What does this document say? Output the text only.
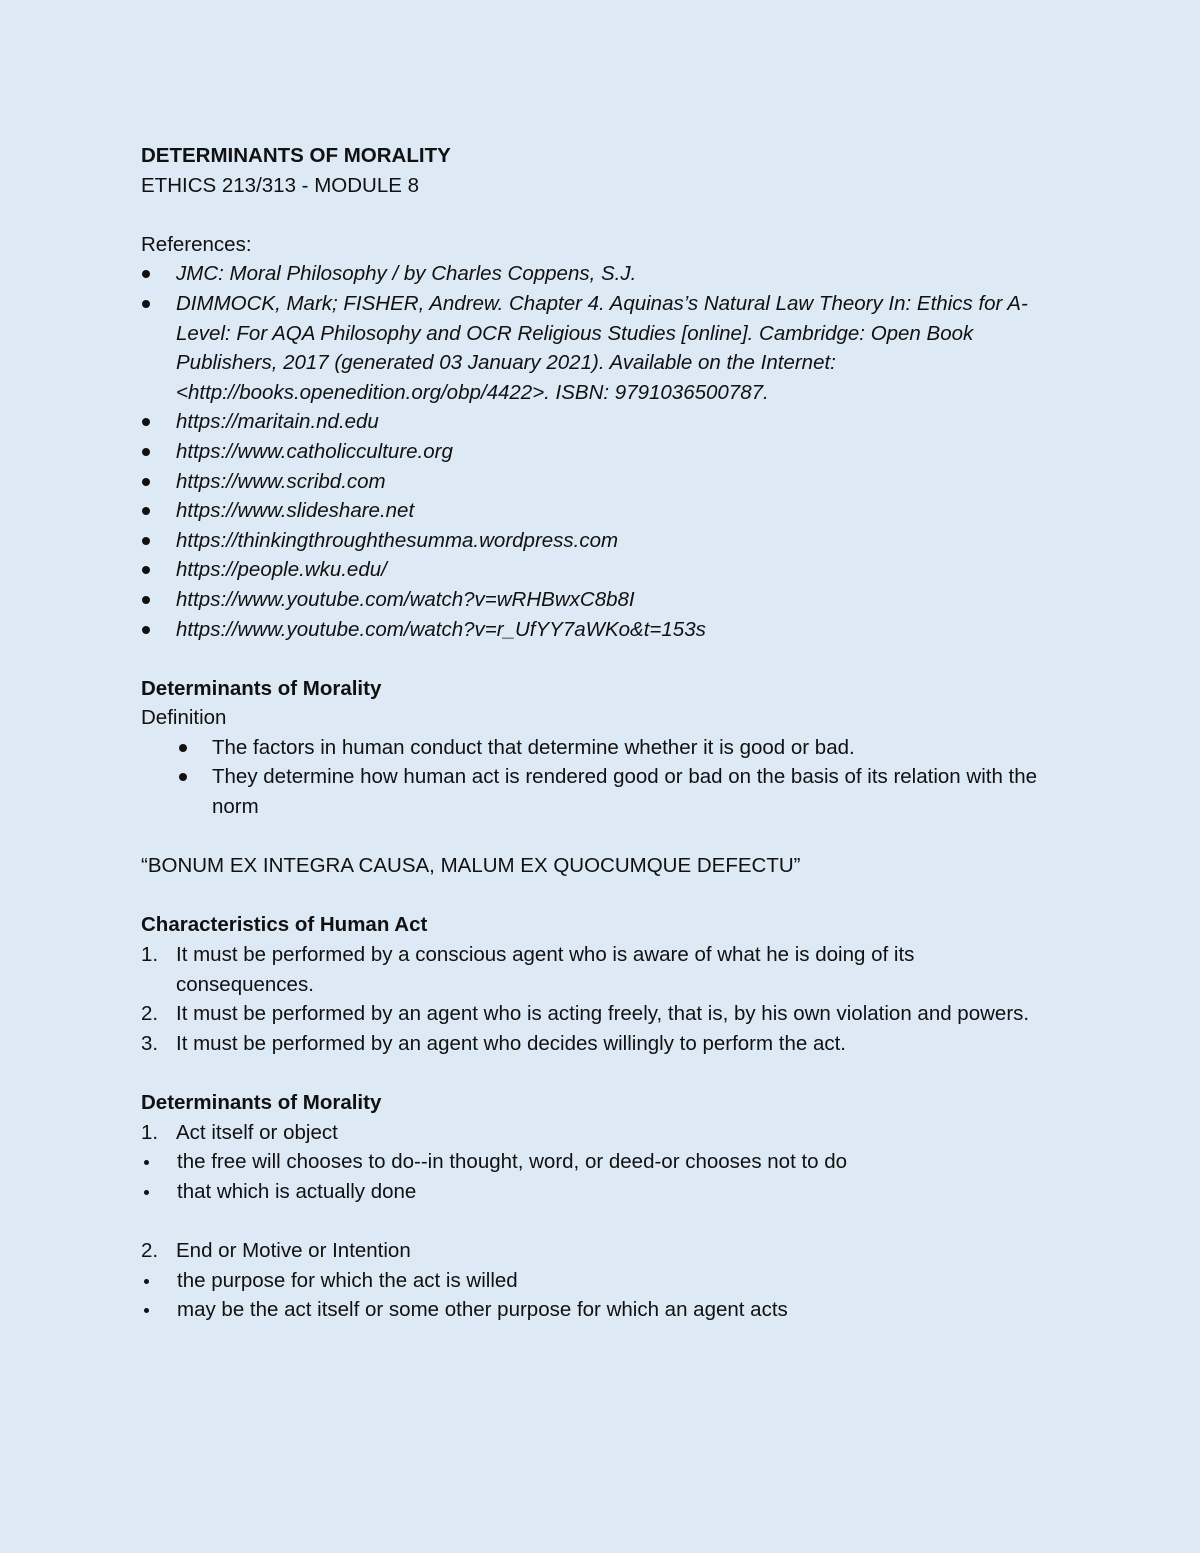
DETERMINANTS OF MORALITY

ETHICS 213/313 - MODULE 8

References:

JMC: Moral Philosophy / by Charles Coppens, S.J.
DIMMOCK, Mark; FISHER, Andrew. Chapter 4. Aquinas’s Natural Law Theory In: Ethics for A-Level: For AQA Philosophy and OCR Religious Studies [online]. Cambridge: Open Book Publishers, 2017 (generated 03 January 2021). Available on the Internet: <http://books.openedition.org/obp/4422>. ISBN: 9791036500787.
https://maritain.nd.edu
https://www.catholicculture.org
https://www.scribd.com
https://www.slideshare.net
https://thinkingthroughthesumma.wordpress.com
https://people.wku.edu/
https://www.youtube.com/watch?v=wRHBwxC8b8I
https://www.youtube.com/watch?v=r_UfYY7aWKo&t=153s

Determinants of Morality

Definition

The factors in human conduct that determine whether it is good or bad.
They determine how human act is rendered good or bad on the basis of its relation with the norm

“BONUM EX INTEGRA CAUSA, MALUM EX QUOCUMQUE DEFECTU”

Characteristics of Human Act

1. It must be performed by a conscious agent who is aware of what he is doing of its consequences.
2. It must be performed by an agent who is acting freely, that is, by his own violation and powers.
3. It must be performed by an agent who decides willingly to perform the act.

Determinants of Morality

1. Act itself or object
the free will chooses to do--in thought, word, or deed-or chooses not to do
that which is actually done
2. End or Motive or Intention
the purpose for which the act is willed
may be the act itself or some other purpose for which an agent acts
